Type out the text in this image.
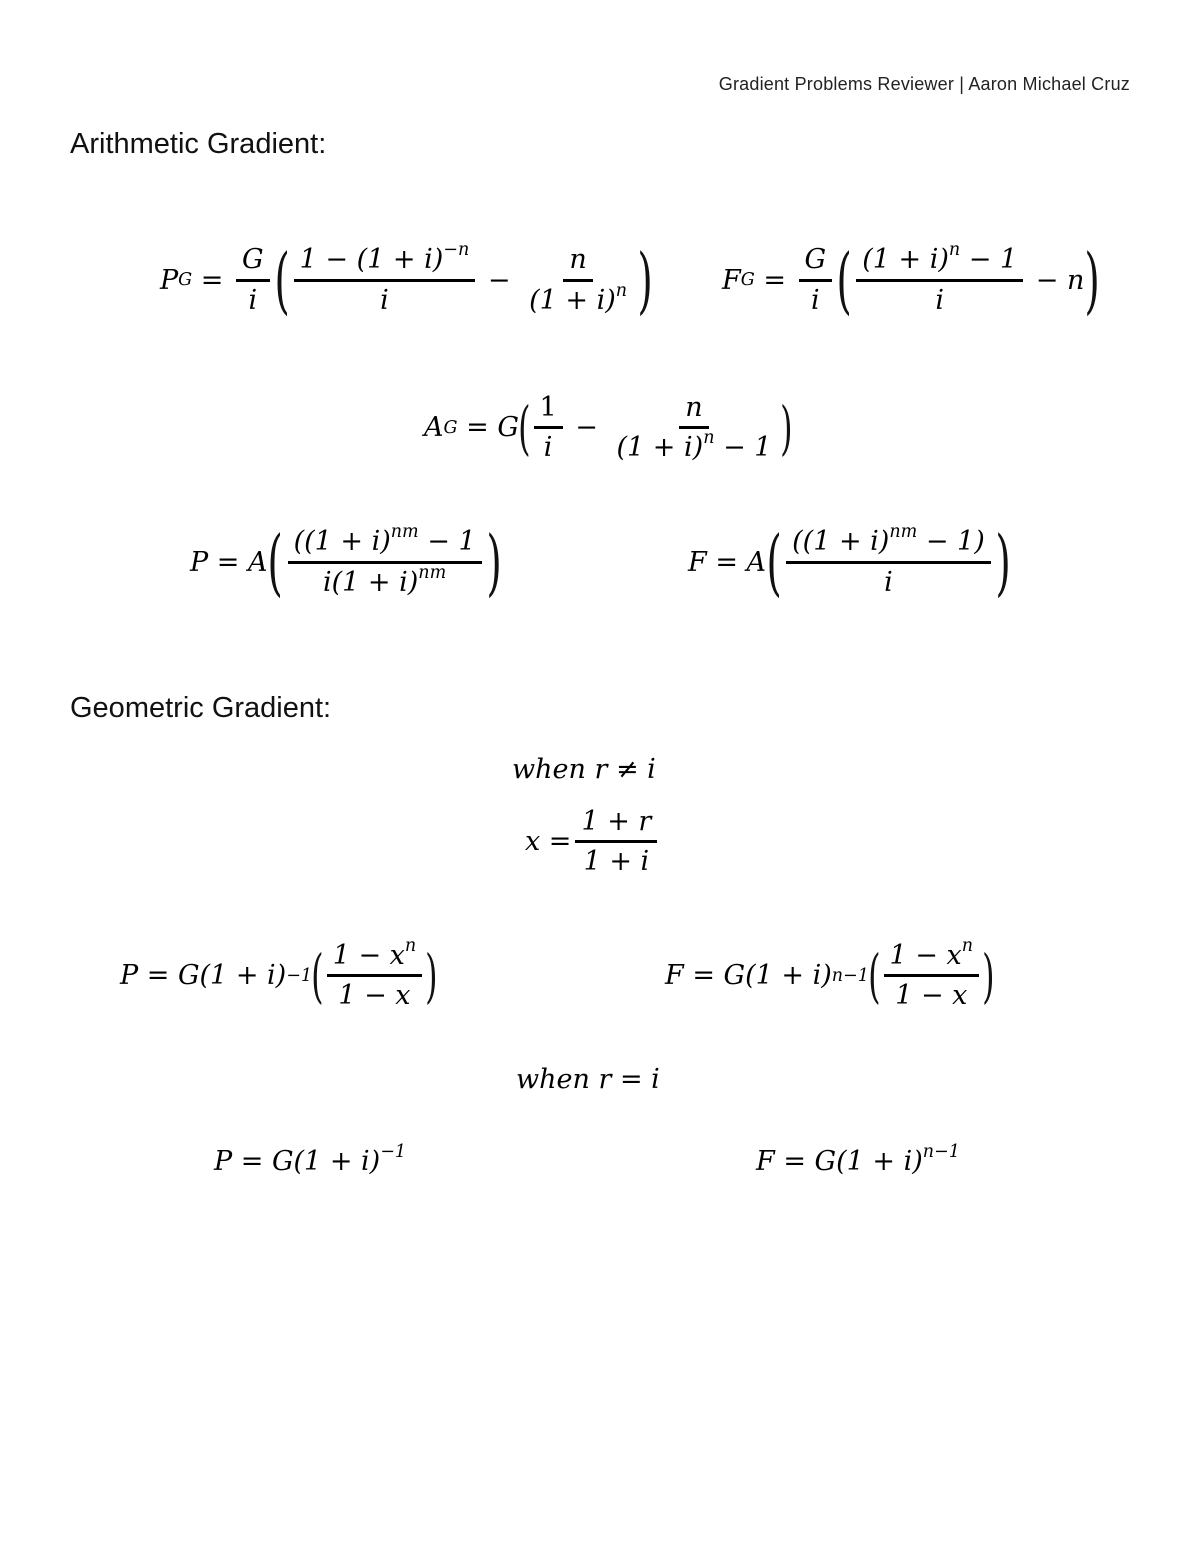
Gradient Problems Reviewer | Aaron Michael Cruz
Arithmetic Gradient:
P $G = \frac{G}{i}$ ( $\frac{1 - (1 + i)^{-n}}{i} - \frac{n}{(1 + i)^n}$ )	F $G = \frac{G}{i}$ ( $\frac{(1 + i)^n - 1}{i}$
− n )
A G = G ( $\frac{1}{i} - \frac{n}{(1 + i)^n - 1}$ )
P = A ( $\frac{((1 + i)^{nm} - 1}{i(1 + i)^{nm}}$ )	F = A ( $\frac{((1 + i)^{nm} - 1)}{i}$ )
Geometric Gradient:
when r ≠ i
$x = \frac{1 + r}{1 + i}$
P = G(1 + i) −1 ( $\frac{1 - x^n}{1 - x}$ )	F = G(1 + i) n−1 ( $\frac{1 - x^n}{1 - x}$ )
when r = i
$P = G(1 + i)^{-1}$	$F = G(1 + i)^{n-1}$
